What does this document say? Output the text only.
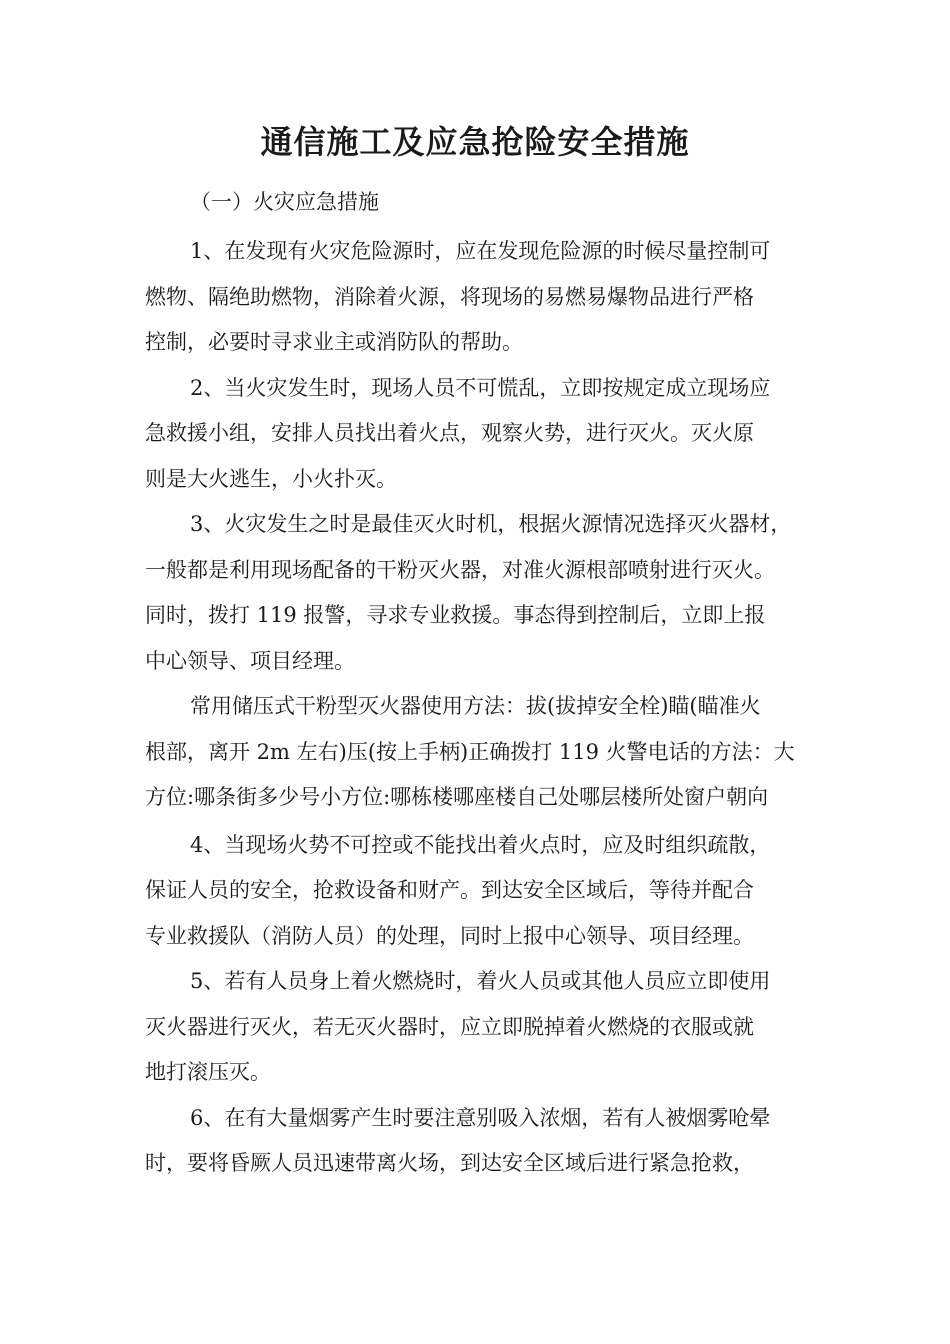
通信施工及应急抢险安全措施
（一）火灾应急措施
1、在发现有火灾危险源时，应在发现危险源的时候尽量控制可
燃物、隔绝助燃物，消除着火源，将现场的易燃易爆物品进行严格
控制，必要时寻求业主或消防队的帮助。
2、当火灾发生时，现场人员不可慌乱，立即按规定成立现场应
急救援小组，安排人员找出着火点，观察火势，进行灭火。灭火原
则是大火逃生，小火扑灭。
3、火灾发生之时是最佳灭火时机，根据火源情况选择灭火器材，
一般都是利用现场配备的干粉灭火器，对准火源根部喷射进行灭火。
同时，拨打 119 报警，寻求专业救援。事态得到控制后，立即上报
中心领导、项目经理。
常用储压式干粉型灭火器使用方法：拔(拔掉安全栓)瞄(瞄准火
根部，离开 2m 左右)压(按上手柄)正确拨打 119 火警电话的方法：大
方位:哪条街多少号小方位:哪栋楼哪座楼自己处哪层楼所处窗户朝向
4、当现场火势不可控或不能找出着火点时，应及时组织疏散，
保证人员的安全，抢救设备和财产。到达安全区域后，等待并配合
专业救援队（消防人员）的处理，同时上报中心领导、项目经理。
5、若有人员身上着火燃烧时，着火人员或其他人员应立即使用
灭火器进行灭火，若无灭火器时，应立即脱掉着火燃烧的衣服或就
地打滚压灭。
6、在有大量烟雾产生时要注意别吸入浓烟，若有人被烟雾呛晕
时，要将昏厥人员迅速带离火场，到达安全区域后进行紧急抢救，
